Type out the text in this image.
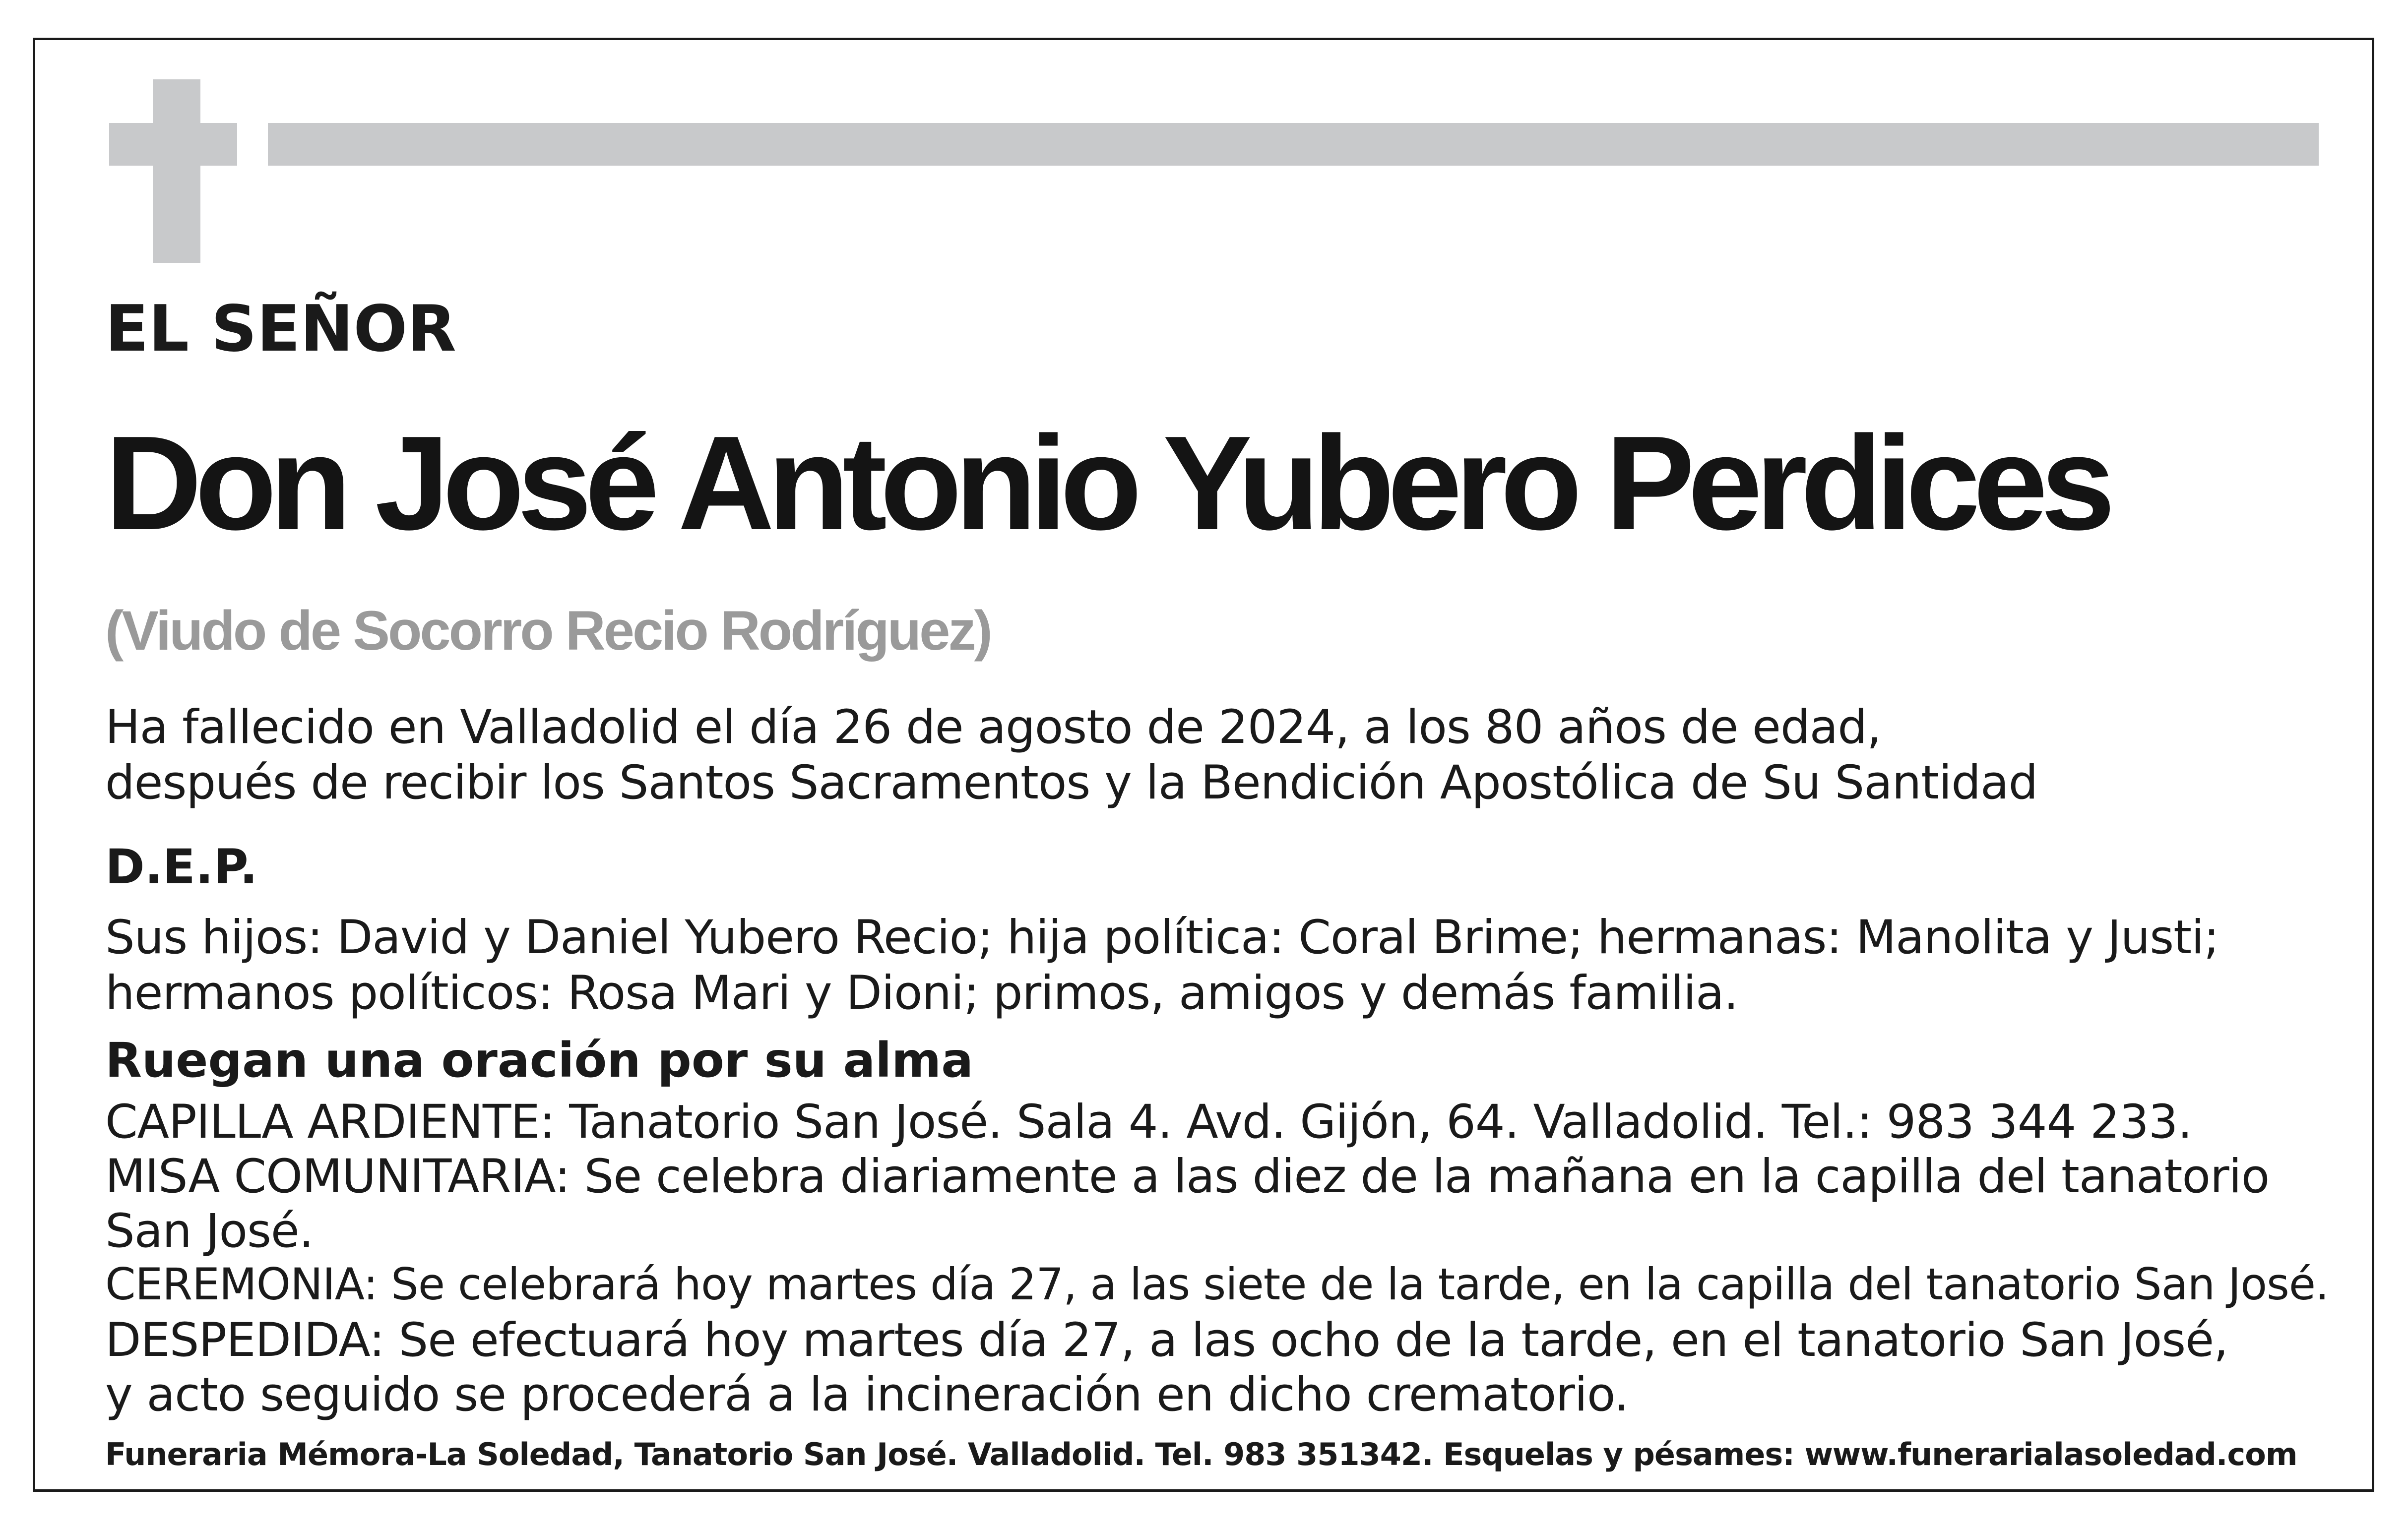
EL SEÑOR
Don José Antonio Yubero Perdices
(Viudo de Socorro Recio Rodríguez)
Ha fallecido en Valladolid el día 26 de agosto de 2024, a los 80 años de edad,
después de recibir los Santos Sacramentos y la Bendición Apostólica de Su Santidad
D.E.P.
Sus hijos: David y Daniel Yubero Recio; hija política: Coral Brime; hermanas: Manolita y Justi;
hermanos políticos: Rosa Mari y Dioni; primos, amigos y demás familia.
Ruegan una oración por su alma
CAPILLA ARDIENTE: Tanatorio San José. Sala 4. Avd. Gijón, 64. Valladolid. Tel.: 983 344 233.
MISA COMUNITARIA: Se celebra diariamente a las diez de la mañana en la capilla del tanatorio
San José.
CEREMONIA: Se celebrará hoy martes día 27, a las siete de la tarde, en la capilla del tanatorio San José.
DESPEDIDA: Se efectuará hoy martes día 27, a las ocho de la tarde, en el tanatorio San José,
y acto seguido se procederá a la incineración en dicho crematorio.
Funeraria Mémora-La Soledad, Tanatorio San José. Valladolid. Tel. 983 351342. Esquelas y pésames: www.funerarialasoledad.com
